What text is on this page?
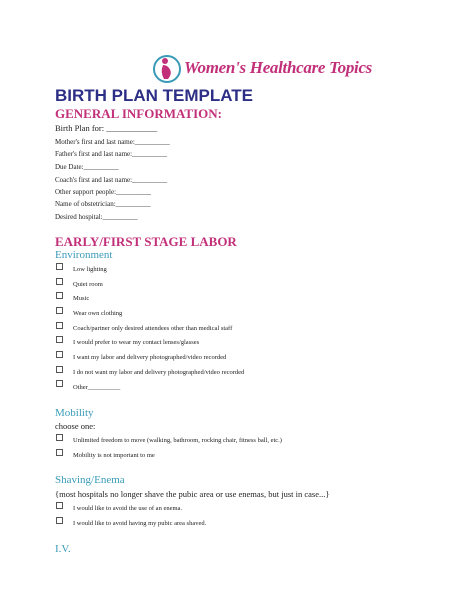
Women's Healthcare Topics
BIRTH PLAN TEMPLATE
GENERAL INFORMATION:
Birth Plan for: ____________
Mother's first and last name:__________
Father's first and last name:__________
Due Date:__________
Coach's first and last name:__________
Other support people:__________
Name of obstetrician:__________
Desired hospital:__________
EARLY/FIRST STAGE LABOR
Environment
Low lighting
Quiet room
Music
Wear own clothing
Coach/partner only desired attendees other than medical staff
I would prefer to wear my contact lenses/glasses
I want my labor and delivery photographed/video recorded
I do not want my labor and delivery photographed/video recorded
Other__________
Mobility
choose one:
Unlimited freedom to move (walking, bathroom, rocking chair, fitness ball, etc.)
Mobility is not important to me
Shaving/Enema
{most hospitals no longer shave the pubic area or use enemas, but just in case...}
I would like to avoid the use of an enema.
I would like to avoid having my pubic area shaved.
I.V.
